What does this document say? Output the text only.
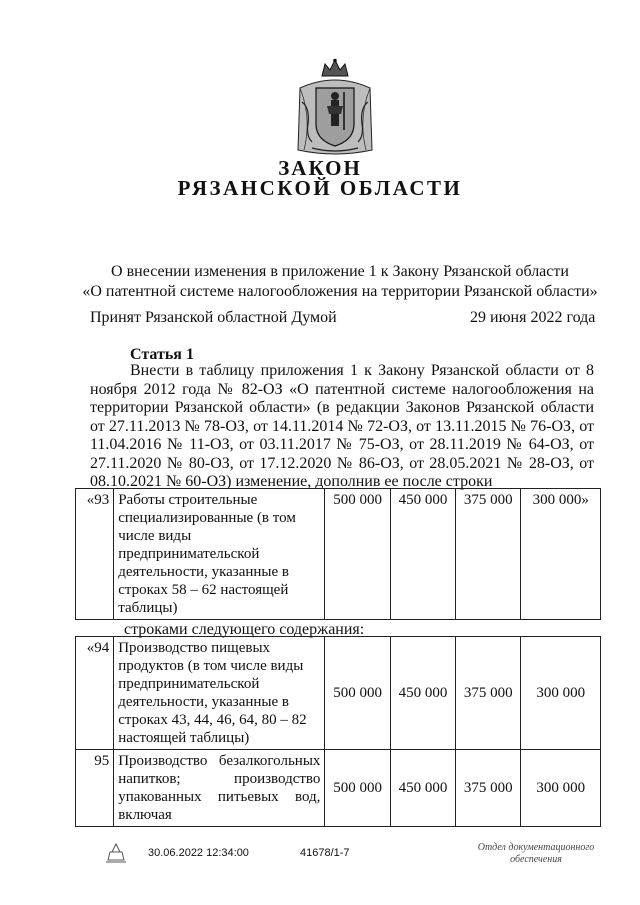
ЗАКОН
РЯЗАНСКОЙ ОБЛАСТИ
О внесении изменения в приложение 1 к Закону Рязанской области
«О патентной системе налогообложения на территории Рязанской области»
Принят Рязанской областной Думой	29 июня 2022 года
Статья 1
Внести в таблицу приложения 1 к Закону Рязанской области от 8 ноября 2012 года № 82-ОЗ «О патентной системе налогообложения на территории Рязанской области» (в редакции Законов Рязанской области от 27.11.2013 № 78-ОЗ, от 14.11.2014 № 72-ОЗ, от 13.11.2015 № 76-ОЗ, от 11.04.2016 № 11-ОЗ, от 03.11.2017 № 75-ОЗ, от 28.11.2019 № 64-ОЗ, от 27.11.2020 № 80-ОЗ, от 17.12.2020 № 86-ОЗ, от 28.05.2021 № 28-ОЗ, от 08.10.2021 № 60-ОЗ) изменение, дополнив ее после строки
«93	Работы строительные специализированные (в том числе виды предпринимательской деятельности, указанные в строках 58 – 62 настоящей таблицы)	500 000	450 000	375 000	300 000»
строками следующего содержания:
«94	Производство пищевых продуктов (в том числе виды предпринимательской деятельности, указанные в строках 43, 44, 46, 64, 80 – 82 настоящей таблицы)	500 000	450 000	375 000	300 000
95	Производство безалкогольных напитков; производство упакованных питьевых вод, включая	500 000	450 000	375 000	300 000
30.06.2022 12:34:00	41678/1-7	Отдел документационного обеспечения
